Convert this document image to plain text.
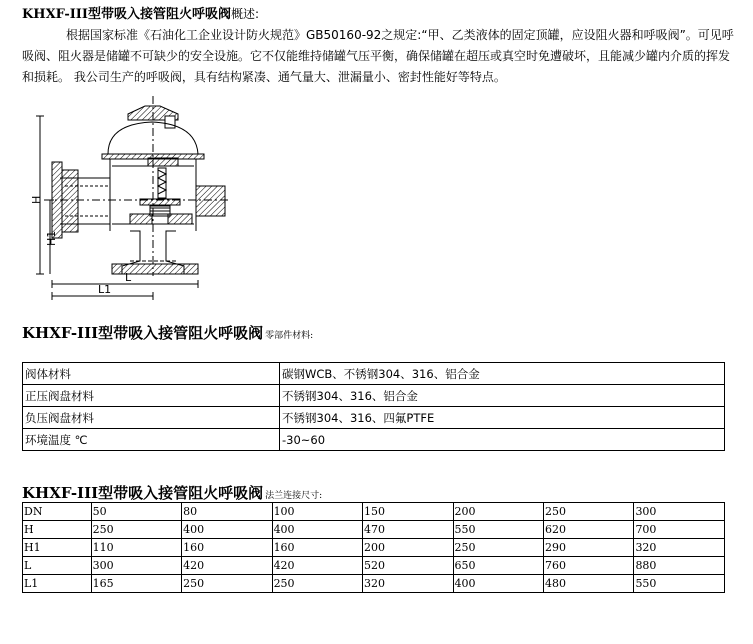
KHXF-III型带吸入接管阻火呼吸阀概述:
根据国家标准《石油化工企业设计防火规范》GB50160-92之规定:“甲、乙类液体的固定顶罐，应设阻火器和呼吸阀”。可见呼吸阀、阻火器是储罐不可缺少的安全设施。它不仅能维持储罐气压平衡，确保储罐在超压或真空时免遭破坏，且能减少罐内介质的挥发和损耗。 我公司生产的呼吸阀，具有结构紧凑、通气量大、泄漏量小、密封性能好等特点。
H
H1
L
L1
KHXF-III型带吸入接管阻火呼吸阀 零部件材料:
阀体材料	碳钢WCB、不锈钢304、316、铝合金
正压阀盘材料	不锈钢304、316、铝合金
负压阀盘材料	不锈钢304、316、四氟PTFE
环境温度 ℃	-30~60
KHXF-III型带吸入接管阻火呼吸阀 法兰连接尺寸:
DN	50	80	100	150	200	250	300
H	250	400	400	470	550	620	700
H1	110	160	160	200	250	290	320
L	300	420	420	520	650	760	880
L1	165	250	250	320	400	480	550
